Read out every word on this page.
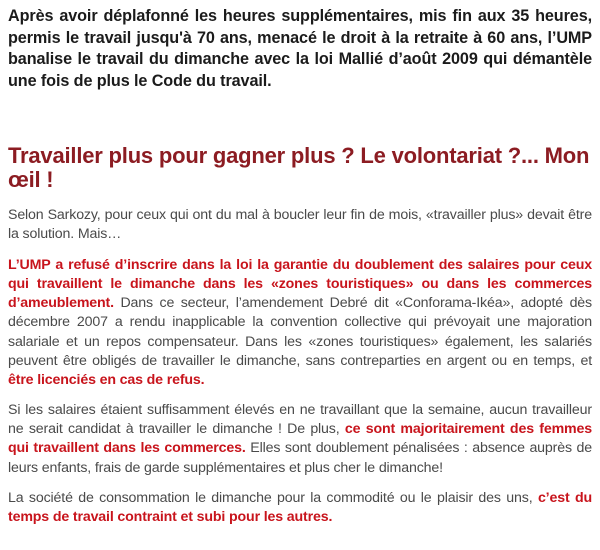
Après avoir déplafonné les heures supplémentaires, mis fin aux 35 heures, permis le travail jusqu'à 70 ans, menacé le droit à la retraite à 60 ans, l’UMP banalise le travail du dimanche avec la loi Mallié d’août 2009 qui démantèle une fois de plus le Code du travail.

Travailler plus pour gagner plus ? Le volontariat ?... Mon œil !

Selon Sarkozy, pour ceux qui ont du mal à boucler leur fin de mois, «travailler plus» devait être la solution. Mais…

L’UMP a refusé d’inscrire dans la loi la garantie du doublement des salaires pour ceux qui travaillent le dimanche dans les «zones touristiques» ou dans les commerces d’ameublement. Dans ce secteur, l’amendement Debré dit «Conforama-Ikéa», adopté dès décembre 2007 a rendu inapplicable la convention collective qui prévoyait une majoration salariale et un repos compensateur. Dans les «zones touristiques» également, les salariés peuvent être obligés de travailler le dimanche, sans contreparties en argent ou en temps, et être licenciés en cas de refus.

Si les salaires étaient suffisamment élevés en ne travaillant que la semaine, aucun travailleur ne serait candidat à travailler le dimanche ! De plus, ce sont majoritairement des femmes qui travaillent dans les commerces. Elles sont doublement pénalisées : absence auprès de leurs enfants, frais de garde supplémentaires et plus cher le dimanche!

La société de consommation le dimanche pour la commodité ou le plaisir des uns, c’est du temps de travail contraint et subi pour les autres.
